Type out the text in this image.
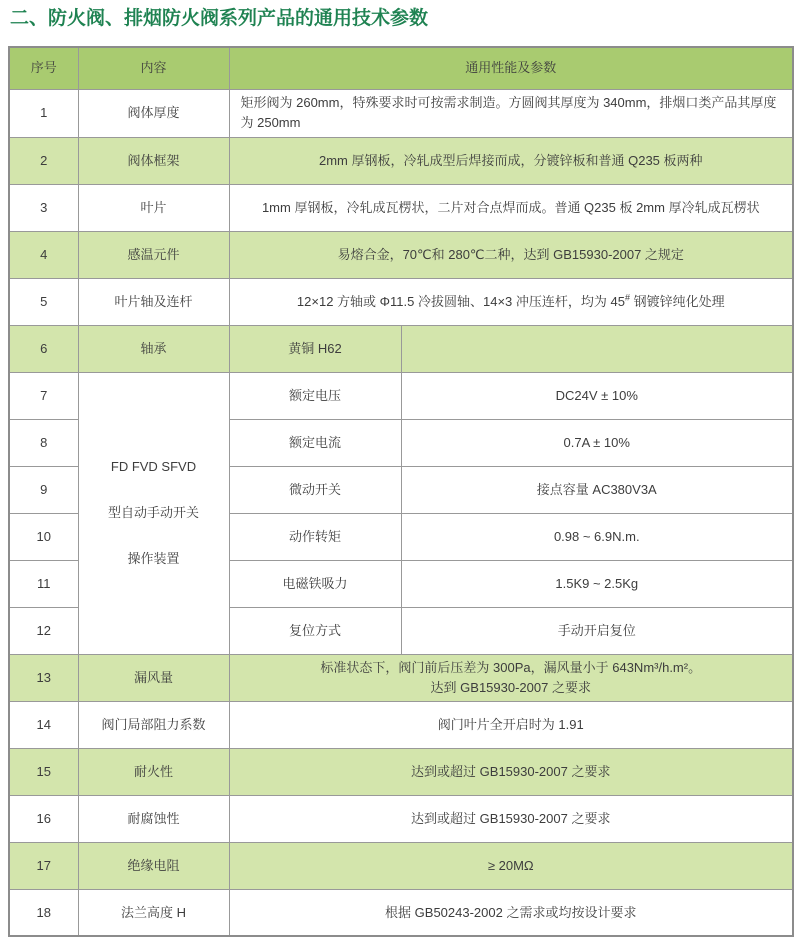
二、防火阀、排烟防火阀系列产品的通用技术参数
序号	内容	通用性能及参数	
1	阀体厚度	矩形阀为 260mm，特殊要求时可按需求制造。方圆阀其厚度为 340mm，排烟口类产品其厚度为 250mm	
2	阀体框架	2mm 厚钢板，冷轧成型后焊接而成，分镀锌板和普通 Q235 板两种	
3	叶片	1mm 厚钢板，冷轧成瓦楞状，二片对合点焊而成。普通 Q235 板 2mm 厚冷轧成瓦楞状	
4	感温元件	易熔合金，70℃和 280℃二种，达到 GB15930-2007 之规定	
5	叶片轴及连杆	12×12 方轴或 Φ11.5 冷拔圆轴、14×3 冲压连杆，均为 45# 钢镀锌纯化处理	
6	轴承	黄铜 H62	
7	FD FVD SFVD
型自动手动开关
操作装置	额定电压	DC24V ± 10%
8		额定电流	0.7A ± 10%
9		微动开关	接点容量 AC380V3A
10		动作转矩	0.98 ~ 6.9N.m.
11		电磁铁吸力	1.5K9 ~ 2.5Kg
12		复位方式	手动开启复位
13	漏风量	标准状态下，阀门前后压差为 300Pa，漏风量小于 643Nm³/h.m²。
达到 GB15930-2007 之要求	

14	阀门局部阻力系数	阀门叶片全开启时为 1.91	
15	耐火性	达到或超过 GB15930-2007 之要求	
16	耐腐蚀性	达到或超过 GB15930-2007 之要求	
17	绝缘电阻	≥ 20MΩ	
18	法兰高度 H	根据 GB50243-2002 之需求或均按设计要求	
